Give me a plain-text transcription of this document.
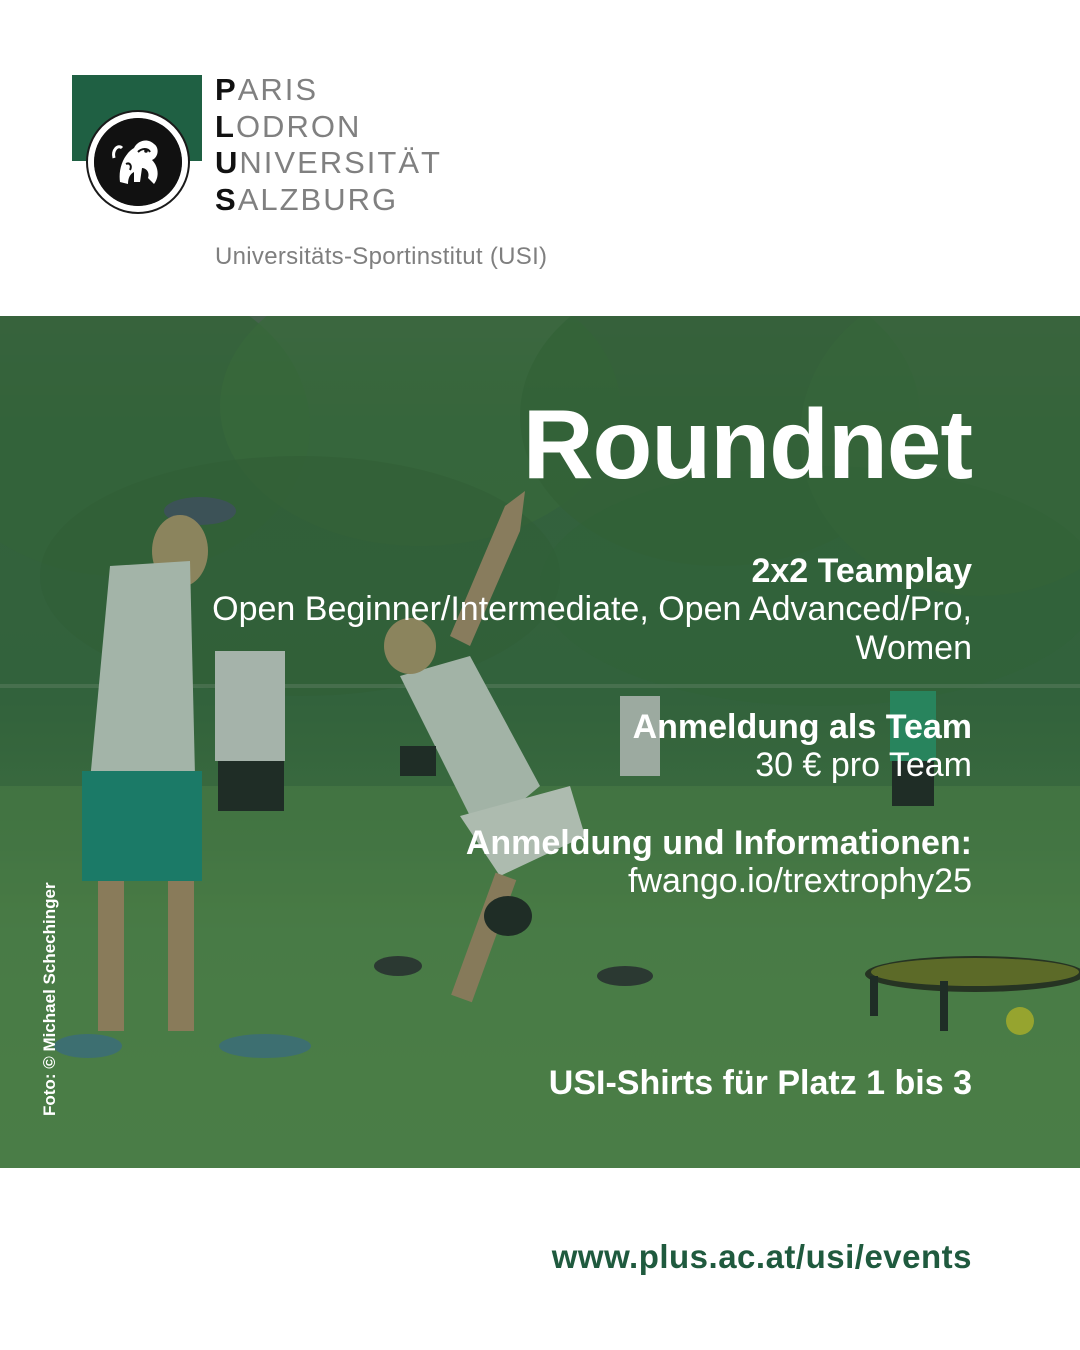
PARIS
LODRON
UNIVERSITÄT
SALZBURG
Universitäts-Sportinstitut (USI)
Roundnet
2x2 Teamplay
Open Beginner/Intermediate, Open Advanced/Pro,
Women
Anmeldung als Team
30 € pro Team
Anmeldung und Informationen:
fwango.io/trextrophy25
USI-Shirts für Platz 1 bis 3
Foto: © Michael Schechinger
www.plus.ac.at/usi/events
